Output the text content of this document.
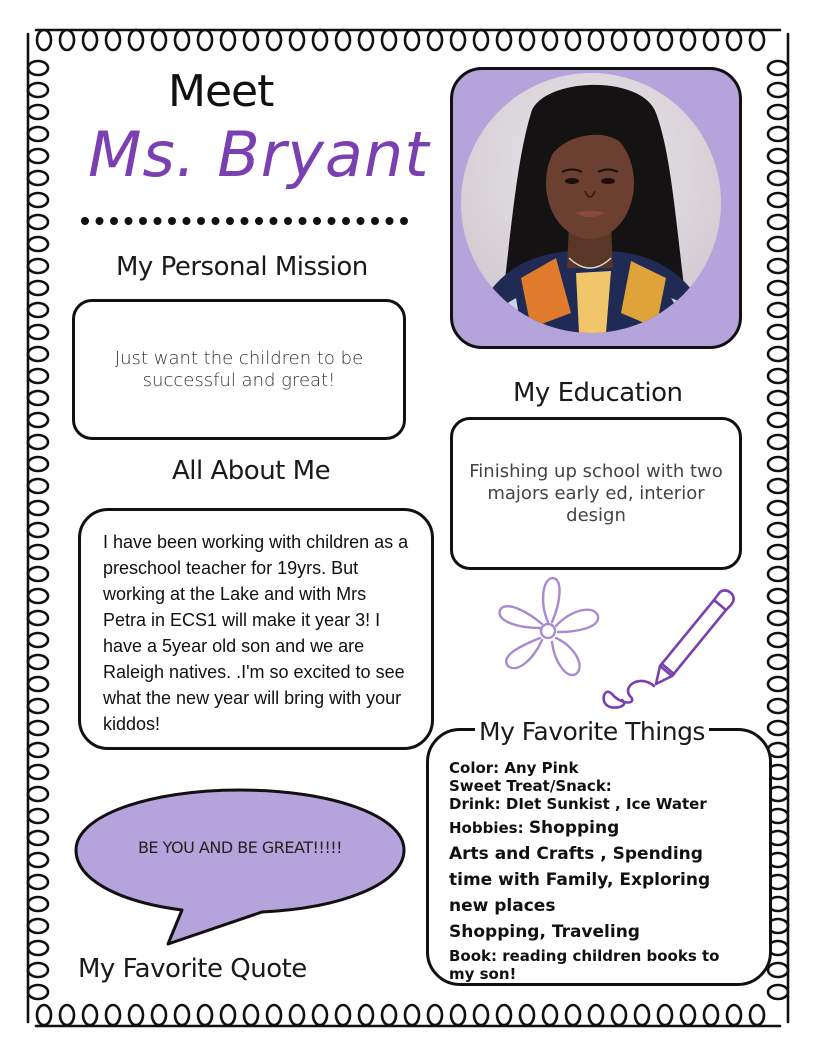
Meet
Ms. Bryant
My Personal Mission
Just want the children to be successful and great!	My Education
Finishing up school with two majors early ed, interior design
All About Me
I have been working with children as a preschool teacher for 19yrs. But working at the Lake and with Mrs Petra in ECS1 will make it year 3! I have a 5year old son and we are Raleigh natives. .I'm so excited to see what the new year will bring with your kiddos!	My Favorite Things
Color: Any Pink
Sweet Treat/Snack:
Drink: DIet Sunkist , Ice Water
Hobbies: Shopping
Arts and Crafts , Spending time with Family, Exploring new places
Shopping, Traveling
Book: reading children books to my son!
BE YOU AND BE GREAT!!!!!
My Favorite Quote
